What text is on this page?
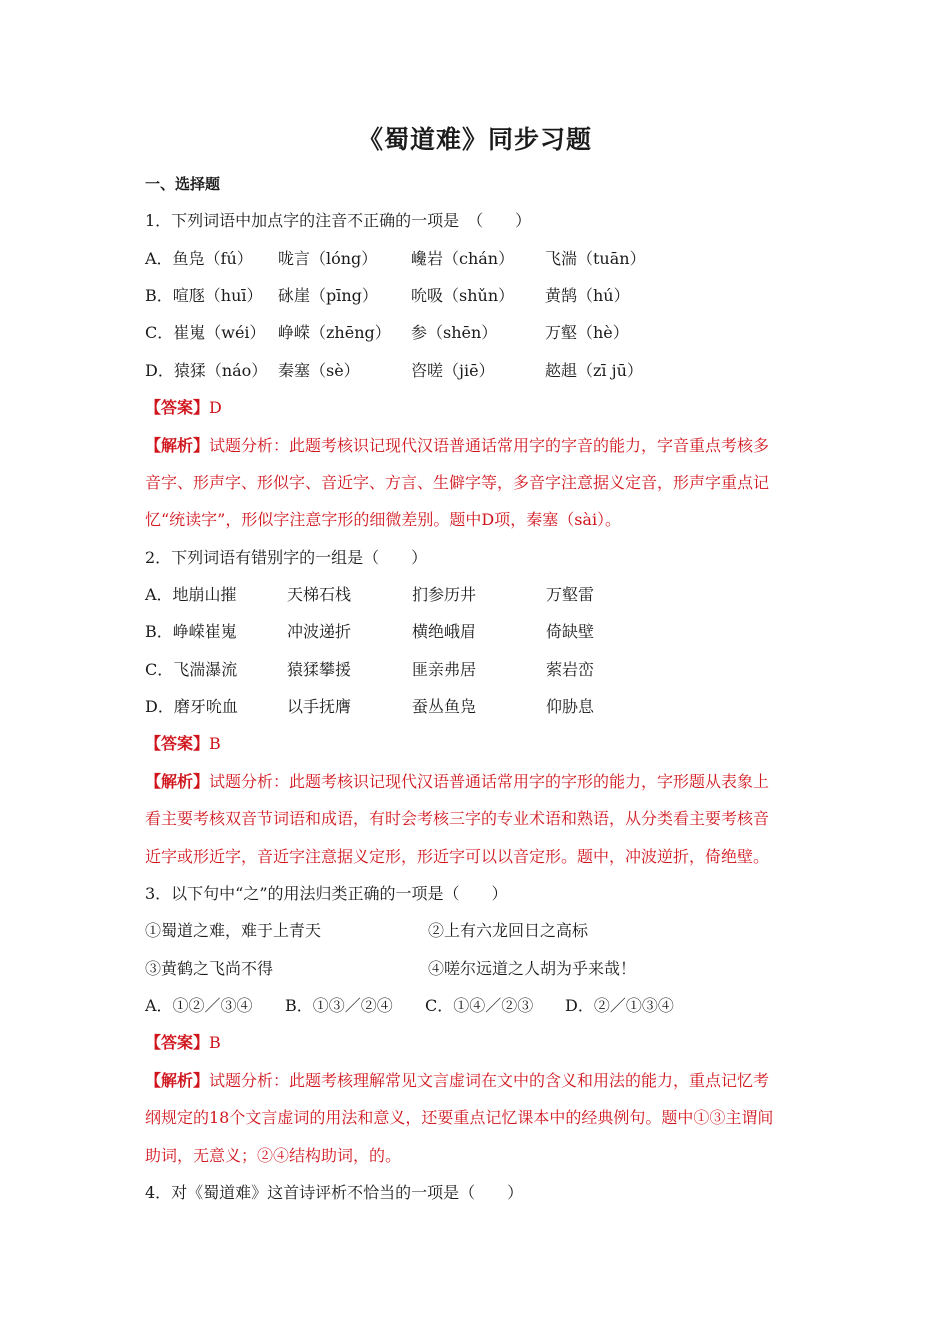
《蜀道难》同步习题
一、选择题
1．下列词语中加点字的注音不正确的一项是　（　　）
A．鱼凫（fú）	咙言（lóng）	巉岩（chán）	飞湍（tuān）
B．喧豗（huī） 砯崖（pīng）	吮吸（shǔn）	黄鹄（hú）
C．崔嵬（wéi） 峥嵘（zhēng）	参（shēn）	万壑（hè）
D．猿猱（náo） 秦塞（sè）	咨嗟（jiē）	趑趄（zī jū）
【答案】D
【解析】试题分析：此题考核识记现代汉语普通话常用字的字音的能力，字音重点考核多
音字、形声字、形似字、音近字、方言、生僻字等，多音字注意据义定音，形声字重点记
忆“统读字”，形似字注意字形的细微差别。题中D项，秦塞（sài）。
2．下列词语有错别字的一组是（　　）
A．地崩山摧	天梯石栈	扪参历井	万壑雷
B．峥嵘崔嵬	冲波递折	横绝峨眉	倚缺壁
C．飞湍瀑流	猿猱攀援	匪亲弗居	萦岩峦
D．磨牙吮血	以手抚膺	蚕丛鱼凫	仰胁息
【答案】B
【解析】试题分析：此题考核识记现代汉语普通话常用字的字形的能力，字形题从表象上
看主要考核双音节词语和成语，有时会考核三字的专业术语和熟语，从分类看主要考核音
近字或形近字，音近字注意据义定形，形近字可以以音定形。题中，冲波逆折，倚绝壁。
3．以下句中“之”的用法归类正确的一项是（　　）
①蜀道之难，难于上青天	②上有六龙回日之高标
③黄鹤之飞尚不得	④嗟尔远道之人胡为乎来哉！
A．①②／③④	B．①③／②④	C．①④／②③	D．②／①③④
【答案】B
【解析】试题分析：此题考核理解常见文言虚词在文中的含义和用法的能力，重点记忆考
纲规定的18个文言虚词的用法和意义，还要重点记忆课本中的经典例句。题中①③主谓间
助词，无意义；②④结构助词，的。
4．对《蜀道难》这首诗评析不恰当的一项是（　　）
